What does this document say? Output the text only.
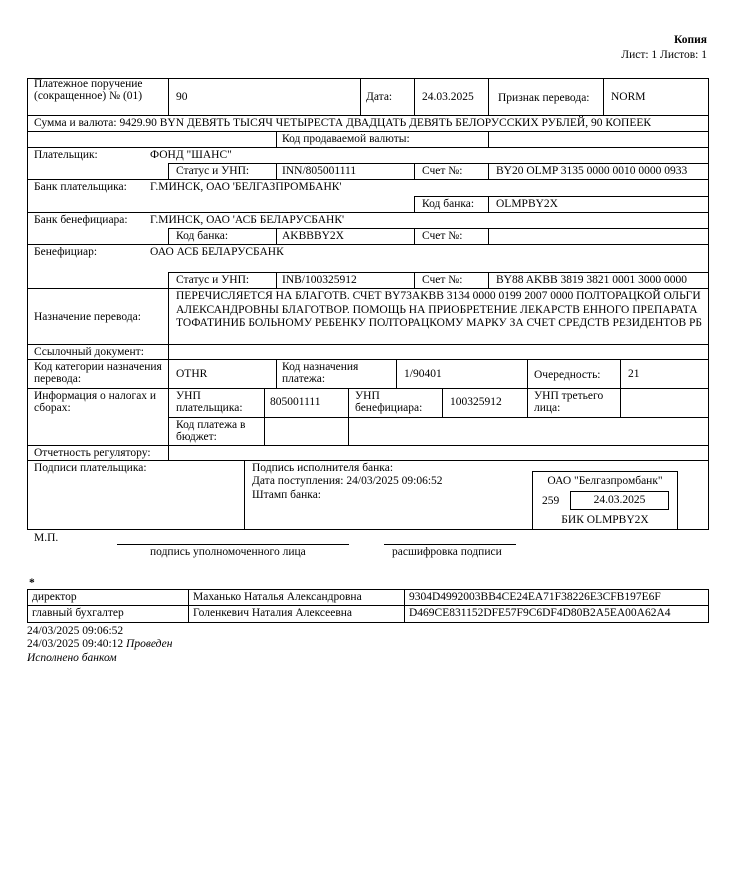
Копия
Лист: 1 Листов: 1
Платежное поручение (сокращенное) № (01)	90	Дата:	24.03.2025 Признак перевода: NORM
Сумма и валюта: 9429.90 BYN ДЕВЯТЬ ТЫСЯЧ ЧЕТЫРЕСТА ДВАДЦАТЬ ДЕВЯТЬ БЕЛОРУССКИХ РУБЛЕЙ, 90 КОПЕЕК
Код продаваемой валюты:
Плательщик:	ФОНД "ШАНС"
Статус и УНП:	INN/805001111	Счет №:	BY20 OLMP 3135 0000 0010 0000 0933
Банк плательщика: Г.МИНСК, ОАО 'БЕЛГАЗПРОМБАНК'
Код банка: OLMPBY2X
Банк бенефициара: Г.МИНСК, ОАО 'АСБ БЕЛАРУСБАНК'
Код банка:	AKBBBY2X	Счет №:
Бенефициар:	ОАО АСБ БЕЛАРУСБАНК
Статус и УНП:	INB/100325912	Счет №:	BY88 AKBB 3819 3821 0001 3000 0000
Назначение перевода:
ПЕРЕЧИСЛЯЕТСЯ НА БЛАГОТВ. СЧЕТ BY73AKBB 3134 0000 0199 2007 0000 ПОЛТОРАЦКОЙ ОЛЬГИ АЛЕКСАНДРОВНЫ БЛАГОТВОР. ПОМОЩЬ НА ПРИОБРЕТЕНИЕ ЛЕКАРСТВ ЕННОГО ПРЕПАРАТА ТОФАТИНИБ БОЛЬНОМУ РЕБЕНКУ ПОЛТОРАЦКОМУ МАРКУ ЗА СЧЕТ СРЕДСТВ РЕЗИДЕНТОВ РБ
Ссылочный документ:
Код категории назначения перевода:	OTHR
Код назначения платежа:	1/90401	Очередность: 21
Информация о налогах и сборах:
УНП плательщика:	805001111	УНП бенефициара:	100325912	УНП третьего лица:
Код платежа в бюджет:
Отчетность регулятору:
Подписи плательщика:	Подпись исполнителя банка:
Дата поступления: 24/03/2025 09:06:52
Штамп банка:
ОАО "Белгазпромбанк"
259	24.03.2025
БИК OLMPBY2X
М.П.
подпись уполномоченного лица	расшифровка подписи
*
директор	Маханько Наталья Александровна	9304D4992003BB4CE24EA71F38226E3CFB197E6F
главный бухгалтер	Голенкевич Наталия Алексеевна	D469CE831152DFE57F9C6DF4D80B2A5EA00A62A4
24/03/2025 09:06:52
24/03/2025 09:40:12 Проведен
Исполнено банком
